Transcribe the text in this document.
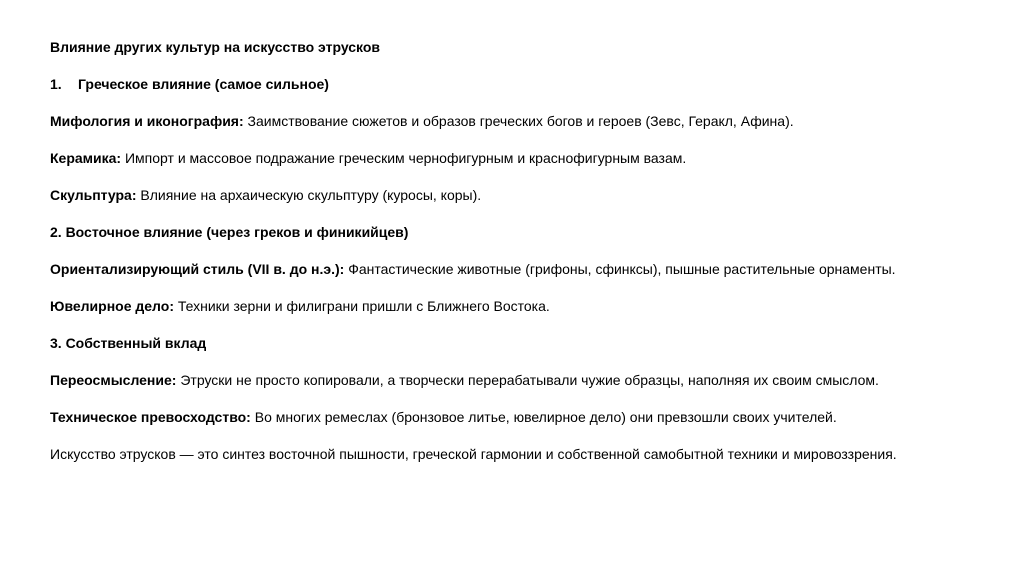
Влияние других культур на искусство этрусков

1. Греческое влияние (самое сильное)

Мифология и иконография: Заимствование сюжетов и образов греческих богов и героев (Зевс, Геракл, Афина).

Керамика: Импорт и массовое подражание греческим чернофигурным и краснофигурным вазам.

Скульптура: Влияние на архаическую скульптуру (куросы, коры).

2. Восточное влияние (через греков и финикийцев)

Ориентализирующий стиль (VII в. до н.э.): Фантастические животные (грифоны, сфинксы), пышные растительные орнаменты.

Ювелирное дело: Техники зерни и филиграни пришли с Ближнего Востока.

3. Собственный вклад

Переосмысление: Этруски не просто копировали, а творчески перерабатывали чужие образцы, наполняя их своим смыслом.

Техническое превосходство: Во многих ремеслах (бронзовое литье, ювелирное дело) они превзошли своих учителей.

Искусство этрусков — это синтез восточной пышности, греческой гармонии и собственной самобытной техники и мировоззрения.
